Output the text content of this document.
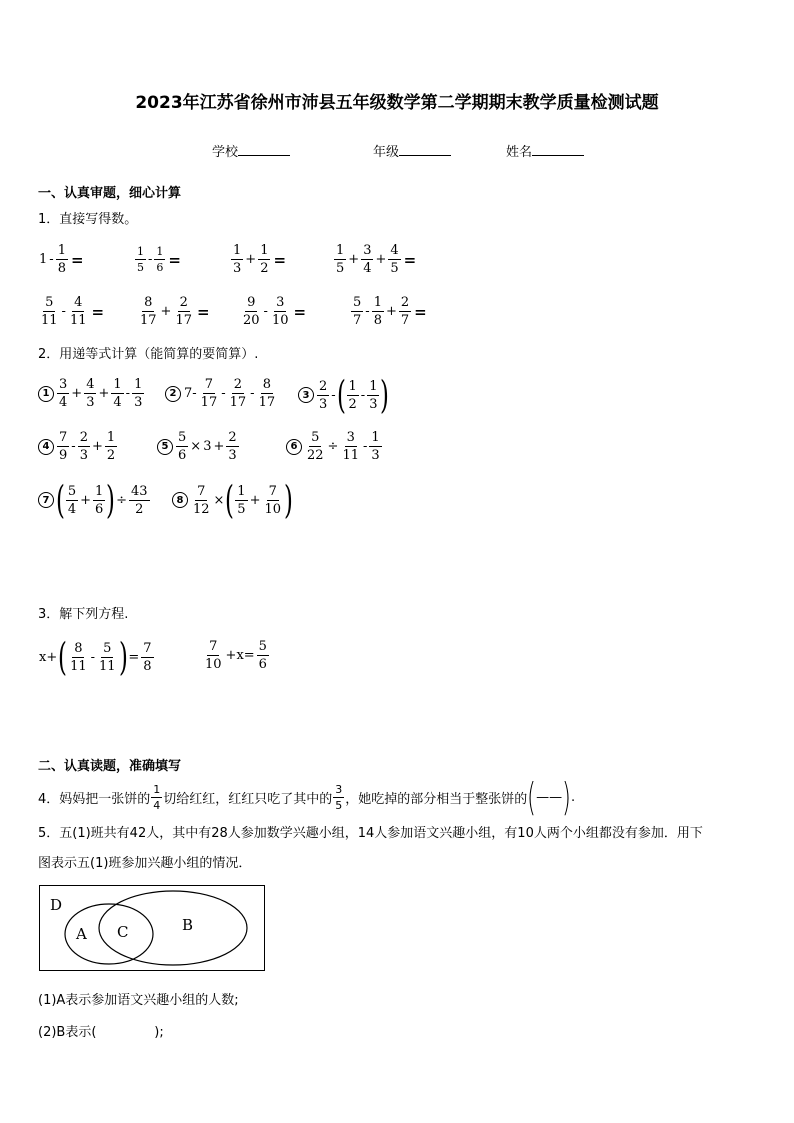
2023年江苏省徐州市沛县五年级数学第二学期期末教学质量检测试题
学校	年级	姓名
一、认真审题，细心计算
1．直接写得数。
$1 - \frac{1}{8}$ =	1
5
- $\frac{1}{6}$ =	1
3
+ $\frac{1}{2}$ =	1
5
+ $\frac{3}{4} + \frac{4}{5}$ =
5
11
- $\frac{4}{11}$ =	8
17
+ $\frac{2}{17}$ =	9
20
- $\frac{3}{10}$ =	5
7
-
1
8
+ $\frac{2}{7}$ =
2．用递等式计算（能简算的要简算）.
1
3
4
+ $\frac{4}{3} + \frac{1}{4}$ -
1
3
2 7-
7
17
-
2
17
-
8
17	3
2
3
- ( 1
2
-
1
3 )
4
7
9
-
2
3
+ $\frac{1}{2}$	$5 \frac{5}{6} \times 3 + \frac{2}{3}$	$6 \frac{5}{22} \div \frac{3}{11}$ -
1
3
7 ( 5
4
+ $\frac{1}{6}$ ) ÷ $\frac{43}{2}$	$8 \frac{7}{12}$ × ( 1
5
+ $\frac{7}{10}$ )
3．解下列方程.
x+ ( 8
11
-
5
11 ) = $\frac{7}{8}$	7
10
$+x= \frac{5}{6}$
二、认真读题，准确填写
4．妈妈把一张饼的
1
4 切给红红，红红只吃了其中的
3
5 ，她吃掉的部分相当于整张饼的 ( —— ) .
5．五(1)班共有42人，其中有28人参加数学兴趣小组，14人参加语文兴趣小组，有10人两个小组都没有参加．用下
图表示五(1)班参加兴趣小组的情况．
D
A C	B
(1)A表示参加语文兴趣小组的人数;
(2)B表示(              );
